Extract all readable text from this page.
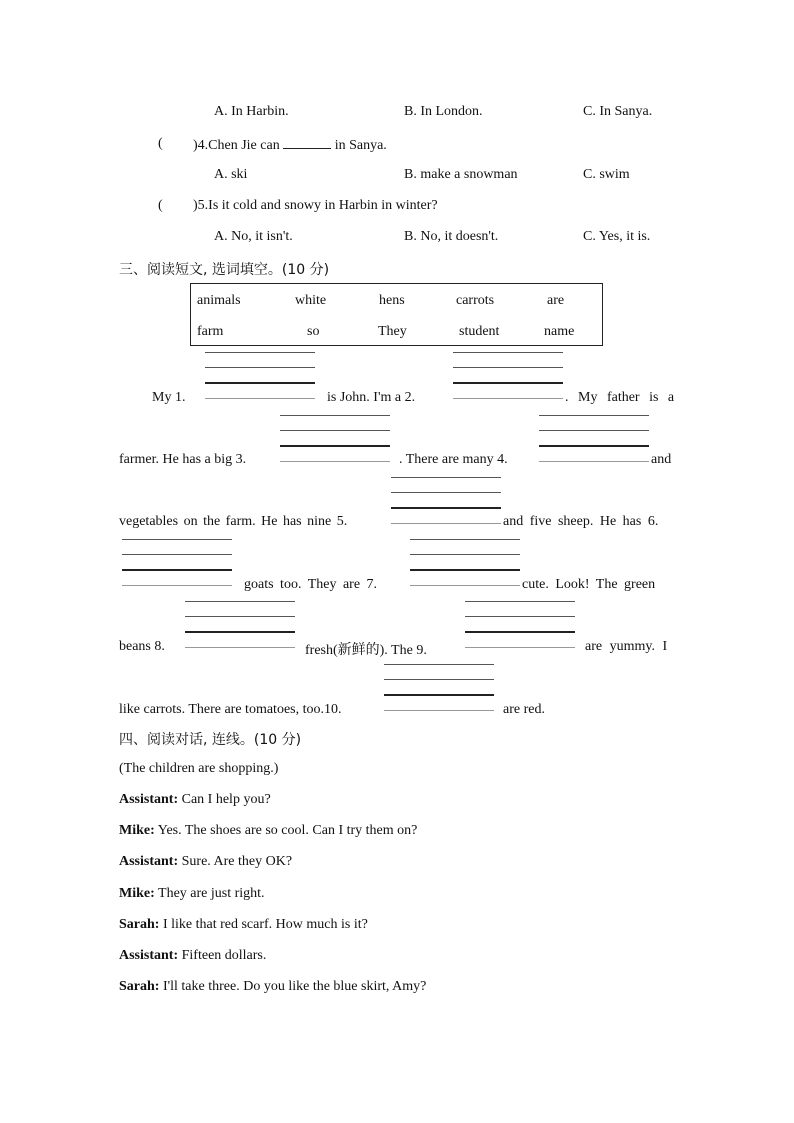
A. In Harbin.	B. In London.	C. In Sanya.
( )4.Chen Jie can	in Sanya.
A. ski	B. make a snowman	C. swim
( )5.Is it cold and snowy in Harbin in winter?
A. No, it isn't.	B. No, it doesn't.	C. Yes, it is.
三、阅读短文, 选词填空。(10 分)
animals	white	hens	carrots	are
farm	so	They	student	name
My 1.	is John. I'm a 2.	. My father is a
farmer. He has a big 3.	. There are many 4.	and
vegetables on the farm. He has nine 5.	and five sheep. He has 6.
goats too. They are 7.	cute. Look! The green
beans 8.	fresh(新鲜的). The 9.	are yummy. I
like carrots. There are tomatoes, too.10.	are red.
四、阅读对话, 连线。(10 分)
(The children are shopping.)
Assistant: Can I help you?
Mike: Yes. The shoes are so cool. Can I try them on?
Assistant: Sure. Are they OK?
Mike: They are just right.
Sarah: I like that red scarf. How much is it?
Assistant: Fifteen dollars.
Sarah: I'll take three. Do you like the blue skirt, Amy?
